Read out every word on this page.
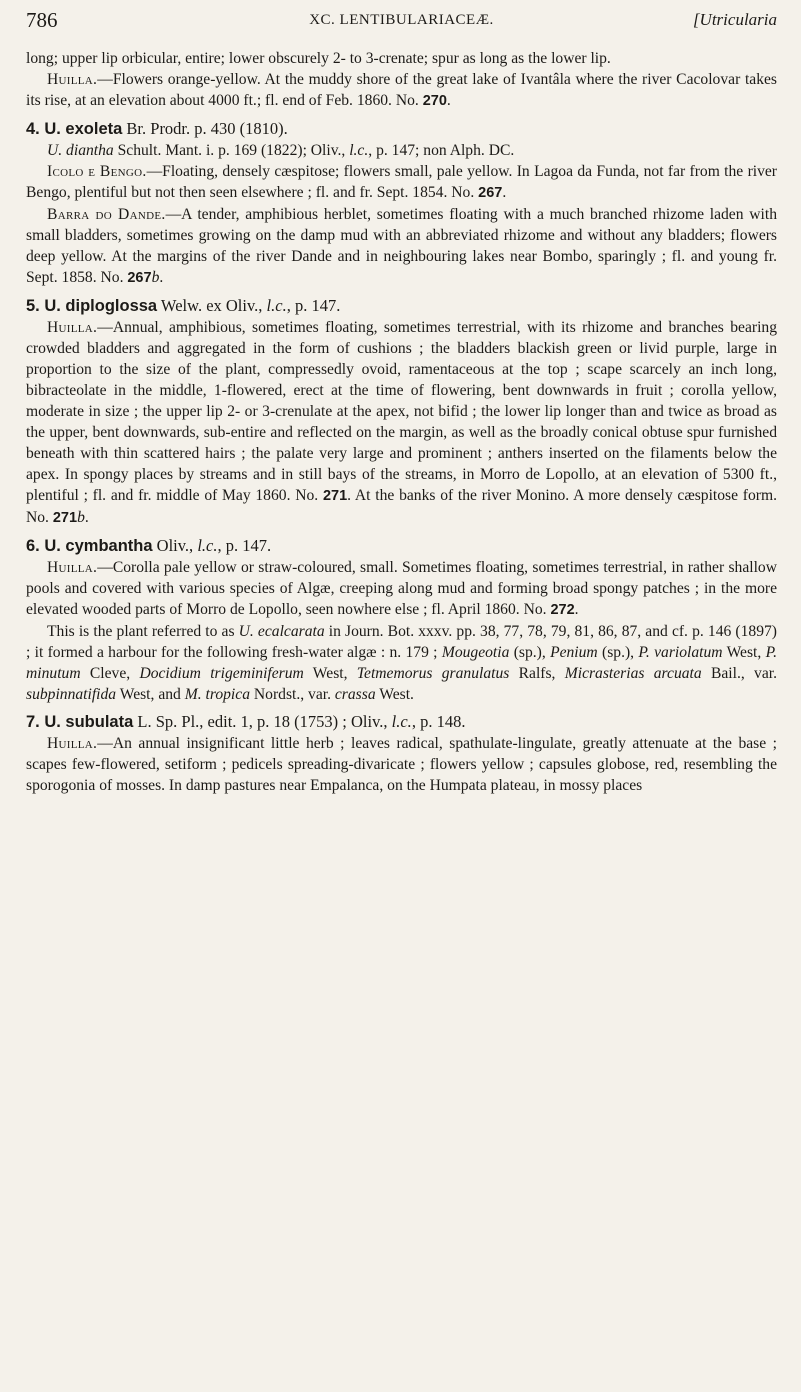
786	XC. LENTIBULARIACEÆ.	[Utricularia

long; upper lip orbicular, entire; lower obscurely 2- to 3-crenate; spur as long as the lower lip.

Huilla.—Flowers orange-yellow. At the muddy shore of the great lake of Ivantâla where the river Cacolovar takes its rise, at an elevation about 4000 ft.; fl. end of Feb. 1860. No. 270.

4. U. exoleta Br. Prodr. p. 430 (1810).

U. diantha Schult. Mant. i. p. 169 (1822); Oliv., l.c., p. 147; non Alph. DC.

Icolo e Bengo.—Floating, densely cæspitose; flowers small, pale yellow. In Lagoa da Funda, not far from the river Bengo, plentiful but not then seen elsewhere ; fl. and fr. Sept. 1854. No. 267.

Barra do Dande.—A tender, amphibious herblet, sometimes floating with a much branched rhizome laden with small bladders, sometimes growing on the damp mud with an abbreviated rhizome and without any bladders; flowers deep yellow. At the margins of the river Dande and in neighbouring lakes near Bombo, sparingly ; fl. and young fr. Sept. 1858. No. 267b.

5. U. diploglossa Welw. ex Oliv., l.c., p. 147.

Huilla.—Annual, amphibious, sometimes floating, sometimes terrestrial, with its rhizome and branches bearing crowded bladders and aggregated in the form of cushions ; the bladders blackish green or livid purple, large in proportion to the size of the plant, compressedly ovoid, ramentaceous at the top ; scape scarcely an inch long, bibracteolate in the middle, 1-flowered, erect at the time of flowering, bent downwards in fruit ; corolla yellow, moderate in size ; the upper lip 2- or 3-crenulate at the apex, not bifid ; the lower lip longer than and twice as broad as the upper, bent downwards, sub-entire and reflected on the margin, as well as the broadly conical obtuse spur furnished beneath with thin scattered hairs ; the palate very large and prominent ; anthers inserted on the filaments below the apex. In spongy places by streams and in still bays of the streams, in Morro de Lopollo, at an elevation of 5300 ft., plentiful ; fl. and fr. middle of May 1860. No. 271. At the banks of the river Monino. A more densely cæspitose form. No. 271b.

6. U. cymbantha Oliv., l.c., p. 147.

Huilla.—Corolla pale yellow or straw-coloured, small. Sometimes floating, sometimes terrestrial, in rather shallow pools and covered with various species of Algæ, creeping along mud and forming broad spongy patches ; in the more elevated wooded parts of Morro de Lopollo, seen nowhere else ; fl. April 1860. No. 272.

This is the plant referred to as U. ecalcarata in Journ. Bot. xxxv. pp. 38, 77, 78, 79, 81, 86, 87, and cf. p. 146 (1897) ; it formed a harbour for the following fresh-water algæ : n. 179 ; Mougeotia (sp.), Penium (sp.), P. variolatum West, P. minutum Cleve, Docidium trigeminiferum West, Tetmemorus granulatus Ralfs, Micrasterias arcuata Bail., var. subpinnatifida West, and M. tropica Nordst., var. crassa West.

7. U. subulata L. Sp. Pl., edit. 1, p. 18 (1753) ; Oliv., l.c., p. 148.

Huilla.—An annual insignificant little herb ; leaves radical, spathulate-lingulate, greatly attenuate at the base ; scapes few-flowered, setiform ; pedicels spreading-divaricate ; flowers yellow ; capsules globose, red, resembling the sporogonia of mosses. In damp pastures near Empalanca, on the Humpata plateau, in mossy places
